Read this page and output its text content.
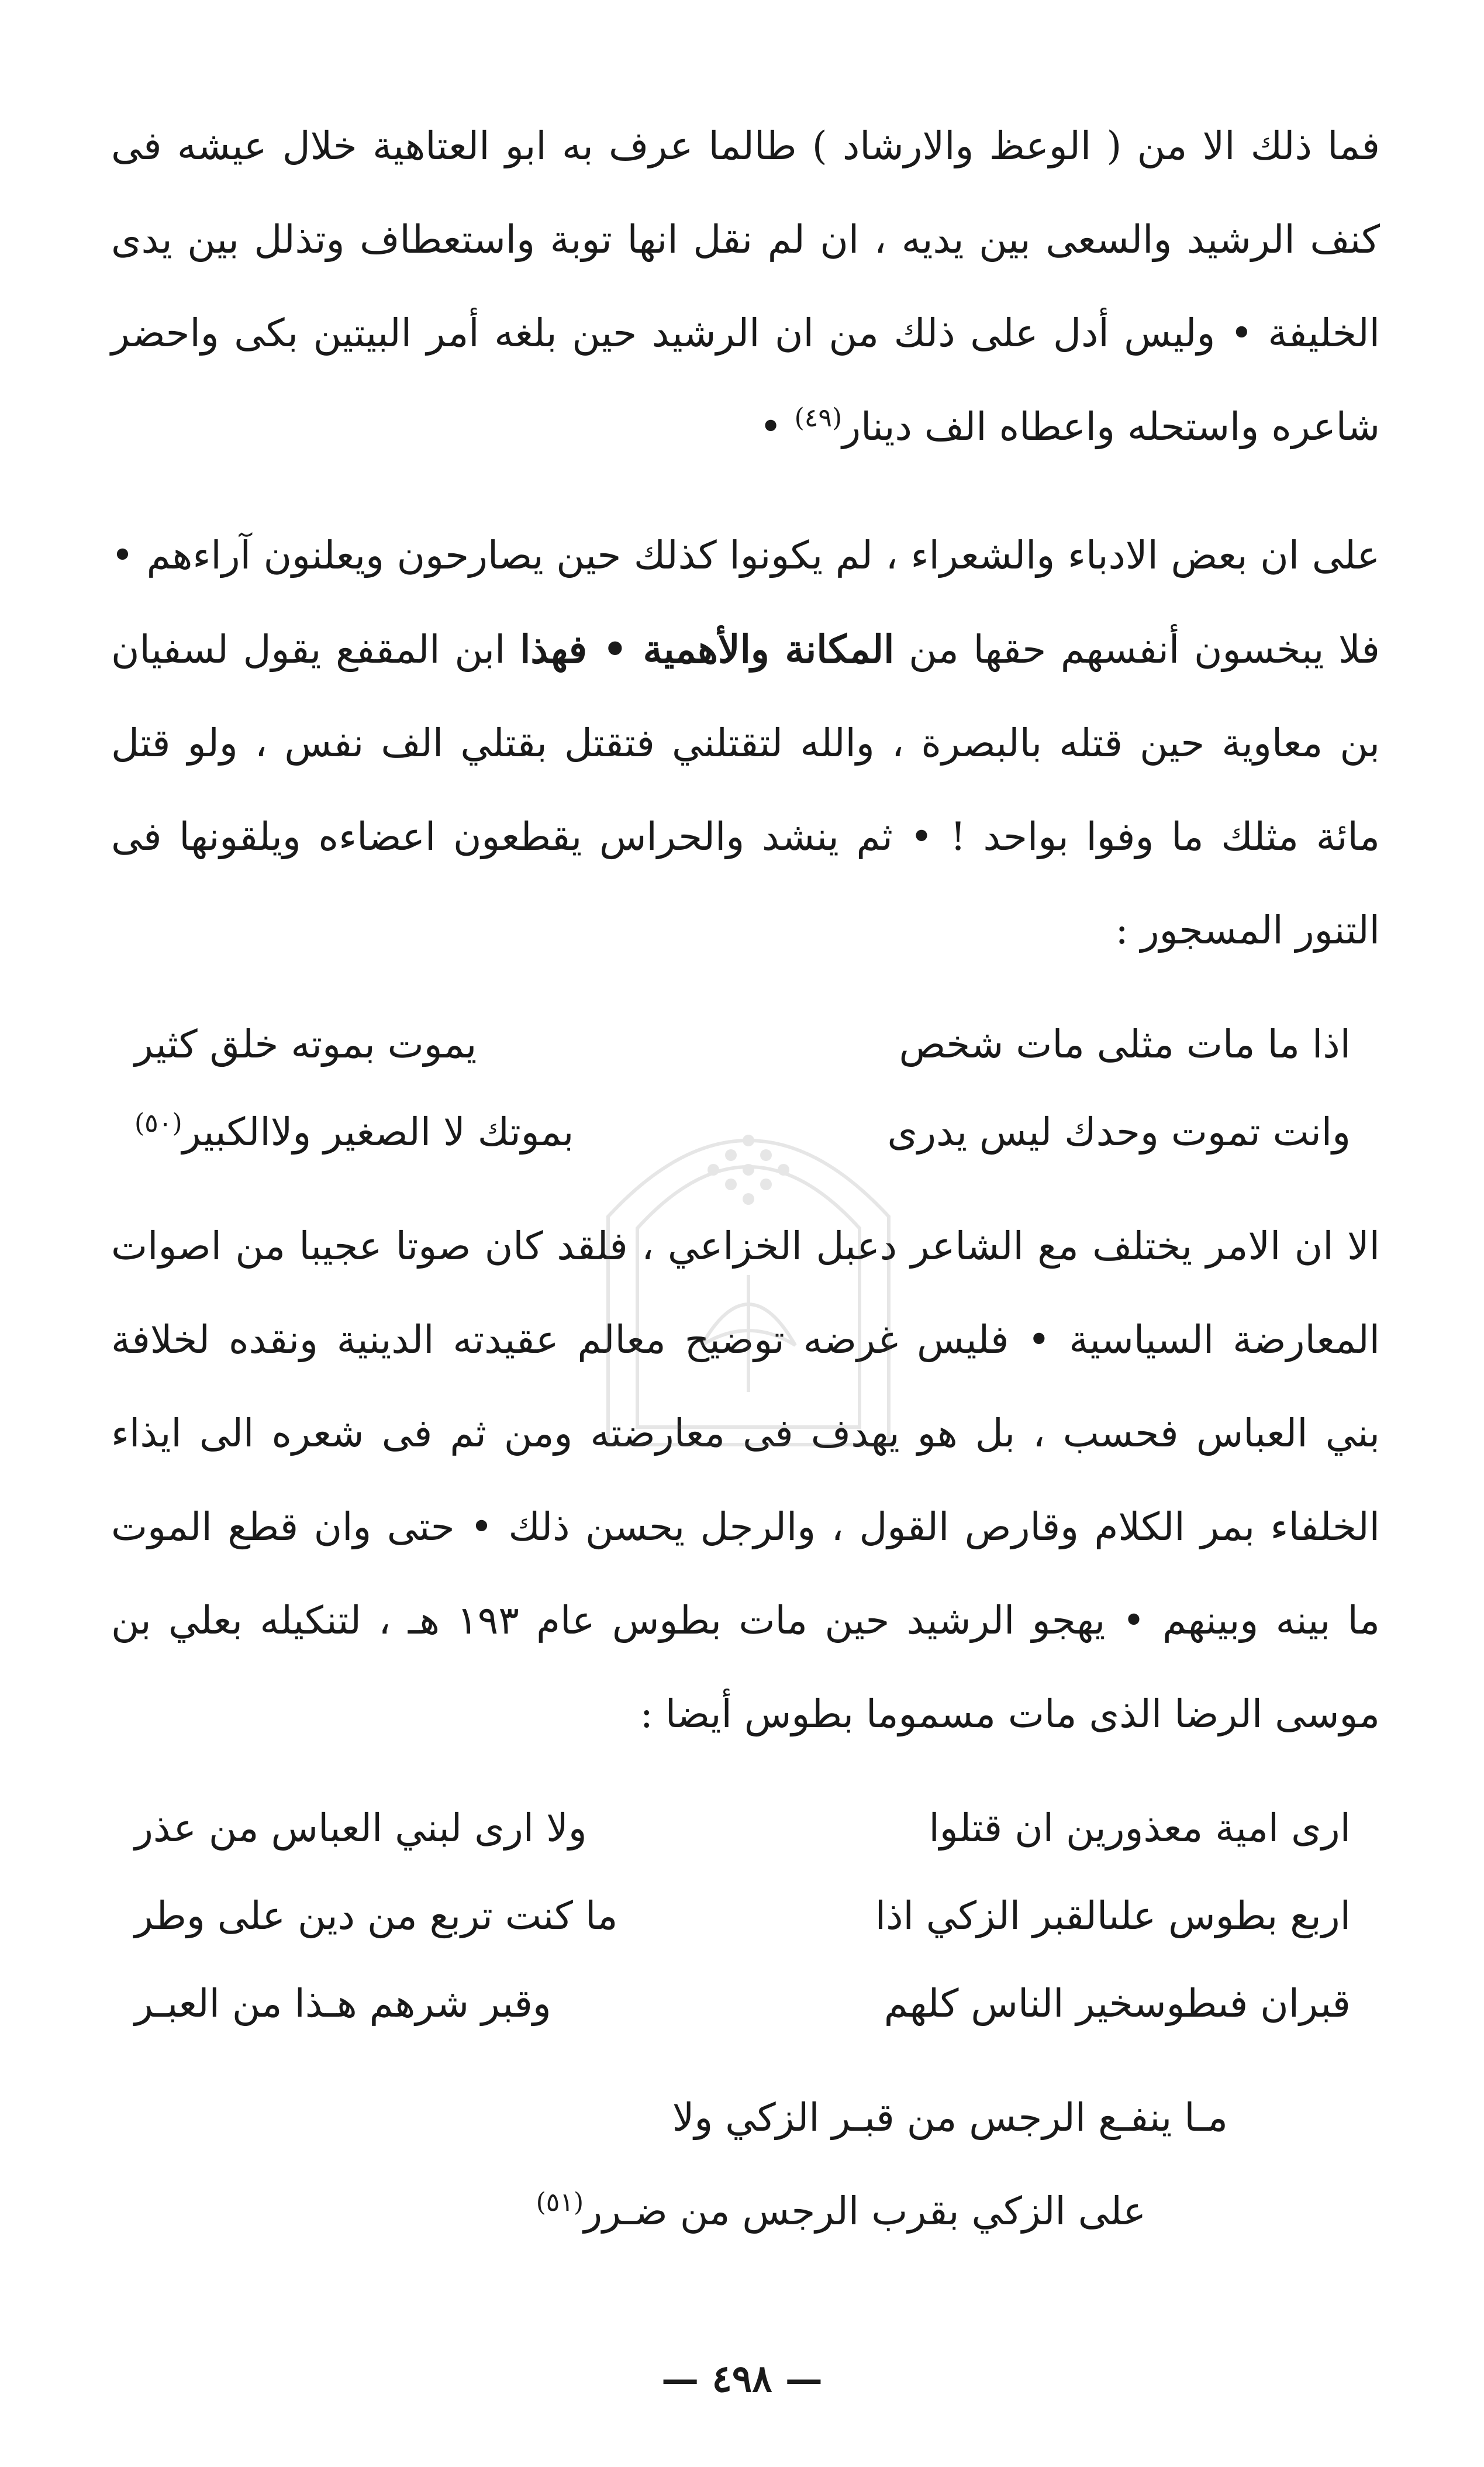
فما ذلك الا من ( الوعظ والارشاد ) طالما عرف به ابو العتاهية خلال عيشه فى كنف الرشيد والسعى بين يديه ، ان لم نقل انها توبة واستعطاف وتذلل بين يدى الخليفة • وليس أدل على ذلك من ان الرشيد حين بلغه أمر البيتين بكى واحضر شاعره واستحله واعطاه الف دينار$^{(٤٩)}$ •

على ان بعض الادباء والشعراء ، لم يكونوا كذلك حين يصارحون ويعلنون آراءهم • فلا يبخسون أنفسهم حقها من المكانة والأهمية • فهذا ابن المقفع يقول لسفيان بن معاوية حين قتله بالبصرة ، والله لتقتلني فتقتل بقتلي الف نفس ، ولو قتل مائة مثلك ما وفوا بواحد ! • ثم ينشد والحراس يقطعون اعضاءه ويلقونها فى التنور المسجور :

اذا ما مات مثلى مات شخص
يموت بموته خلق كثير
وانت تموت وحدك ليس يدرى
بموتك لا الصغير ولاالكبير$^{(٥٠)}$

الا ان الامر يختلف مع الشاعر دعبل الخزاعي ، فلقد كان صوتا عجيبا من اصوات المعارضة السياسية • فليس غرضه توضيح معالم عقيدته الدينية ونقده لخلافة بني العباس فحسب ، بل هو يهدف فى معارضته ومن ثم فى شعره الى ايذاء الخلفاء بمر الكلام وقارص القول ، والرجل يحسن ذلك • حتى وان قطع الموت ما بينه وبينهم • يهجو الرشيد حين مات بطوس عام ١٩٣ هـ ، لتنكيله بعلي بن موسى الرضا الذى مات مسموما بطوس أيضا :

ارى امية معذورين ان قتلوا
ولا ارى لبني العباس من عذر
اربع بطوس علىالقبر الزكي اذا
ما كنت تربع من دين على وطر
قبران فىطوسخير الناس كلهم
وقبر شرهم هـذا من العبـر
مـا ينفـع الرجس من قبـر الزكي ولا
على الزكي بقرب الرجس من ضـرر$^{(٥١)}$
— ٤٩٨ —
